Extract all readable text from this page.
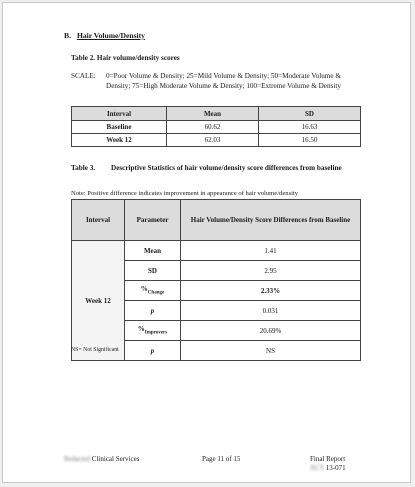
B. Hair Volume/Density
Table 2. Hair volume/density scores
SCALE: 0=Poor Volume & Density; 25=Mild Volume & Density; 50=Moderate Volume & Density; 75=High Moderate Volume & Density; 100=Extreme Volume & Density
Interval	Mean	SD
Baseline	60.62	16.63
Week 12	62.03	16.50
Table 3. Descriptive Statistics of hair volume/density score differences from baseline
Note: Positive difference indicates improvement in appearance of hair volume/density
Interval	Parameter	Hair Volume/Density Score Differences from Baseline
Week 12	Mean	1.41
	SD	2.95
	$\%_{Change}$	2.33%
	p	0.031
	$\%_{Improvers}$	20.69%
	p	NS
NS= Not Significant
Redacted Clinical Services	Page 11 of 15	Final Report
XCT 13-071
